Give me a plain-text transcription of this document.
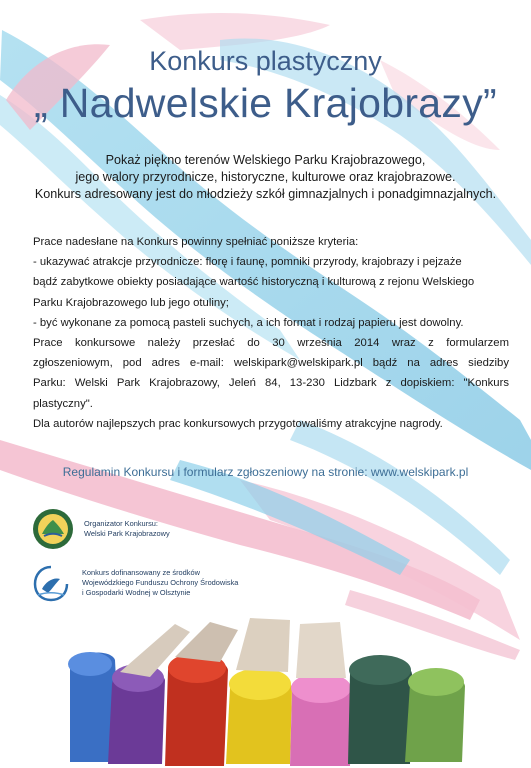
Konkurs plastyczny
„ Nadwelskie Krajobrazy”
Pokaż piękno terenów Welskiego Parku Krajobrazowego,
jego walory przyrodnicze, historyczne, kulturowe oraz krajobrazowe.
Konkurs adresowany jest do młodzieży szkół gimnazjalnych i ponadgimnazjalnych.
Prace nadesłane na Konkurs powinny spełniać poniższe kryteria:
- ukazywać atrakcje przyrodnicze: florę i faunę, pomniki przyrody, krajobrazy i pejzaże
bądź zabytkowe obiekty posiadające wartość historyczną i kulturową z rejonu Welskiego
Parku Krajobrazowego lub jego otuliny;
- być wykonane za pomocą pasteli suchych, a ich format i rodzaj papieru jest dowolny.
Prace konkursowe należy przesłać do 30 września 2014 wraz z formularzem
zgłoszeniowym, pod adres e-mail: welskipark@welskipark.pl bądź na adres siedziby
Parku: Welski Park Krajobrazowy, Jeleń 84, 13-230 Lidzbark z dopiskiem: "Konkurs
plastyczny".
Dla autorów najlepszych prac konkursowych przygotowaliśmy atrakcyjne nagrody.
Regulamin Konkursu i formularz zgłoszeniowy na stronie: www.welskipark.pl
Organizator Konkursu:
Welski Park Krajobrazowy
Konkurs dofinansowany ze środków
Wojewódzkiego Funduszu Ochrony Środowiska
i Gospodarki Wodnej w Olsztynie
